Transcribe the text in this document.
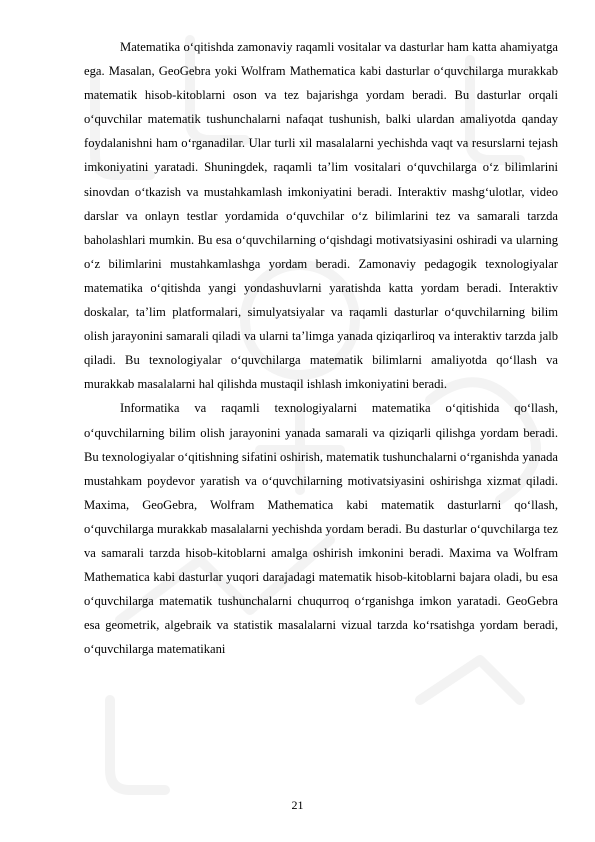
Matematika o‘qitishda zamonaviy raqamli vositalar va dasturlar ham katta ahamiyatga ega. Masalan, GeoGebra yoki Wolfram Mathematica kabi dasturlar o‘quvchilarga murakkab matematik hisob-kitoblarni oson va tez bajarishga yordam beradi. Bu dasturlar orqali o‘quvchilar matematik tushunchalarni nafaqat tushunish, balki ulardan amaliyotda qanday foydalanishni ham o‘rganadilar. Ular turli xil masalalarni yechishda vaqt va resurslarni tejash imkoniyatini yaratadi. Shuningdek, raqamli ta’lim vositalari o‘quvchilarga o‘z bilimlarini sinovdan o‘tkazish va mustahkamlash imkoniyatini beradi. Interaktiv mashg‘ulotlar, video darslar va onlayn testlar yordamida o‘quvchilar o‘z bilimlarini tez va samarali tarzda baholashlari mumkin. Bu esa o‘quvchilarning o‘qishdagi motivatsiyasini oshiradi va ularning o‘z bilimlarini mustahkamlashga yordam beradi. Zamonaviy pedagogik texnologiyalar matematika o‘qitishda yangi yondashuvlarni yaratishda katta yordam beradi. Interaktiv doskalar, ta’lim platformalari, simulyatsiyalar va raqamli dasturlar o‘quvchilarning bilim olish jarayonini samarali qiladi va ularni ta’limga yanada qiziqarliroq va interaktiv tarzda jalb qiladi. Bu texnologiyalar o‘quvchilarga matematik bilimlarni amaliyotda qo‘llash va murakkab masalalarni hal qilishda mustaqil ishlash imkoniyatini beradi.

Informatika va raqamli texnologiyalarni matematika o‘qitishida qo‘llash, o‘quvchilarning bilim olish jarayonini yanada samarali va qiziqarli qilishga yordam beradi. Bu texnologiyalar o‘qitishning sifatini oshirish, matematik tushunchalarni o‘rganishda yanada mustahkam poydevor yaratish va o‘quvchilarning motivatsiyasini oshirishga xizmat qiladi. Maxima, GeoGebra, Wolfram Mathematica kabi matematik dasturlarni qo‘llash, o‘quvchilarga murakkab masalalarni yechishda yordam beradi. Bu dasturlar o‘quvchilarga tez va samarali tarzda hisob-kitoblarni amalga oshirish imkonini beradi. Maxima va Wolfram Mathematica kabi dasturlar yuqori darajadagi matematik hisob-kitoblarni bajara oladi, bu esa o‘quvchilarga matematik tushunchalarni chuqurroq o‘rganishga imkon yaratadi. GeoGebra esa geometrik, algebraik va statistik masalalarni vizual tarzda ko‘rsatishga yordam beradi, o‘quvchilarga matematikani

21
